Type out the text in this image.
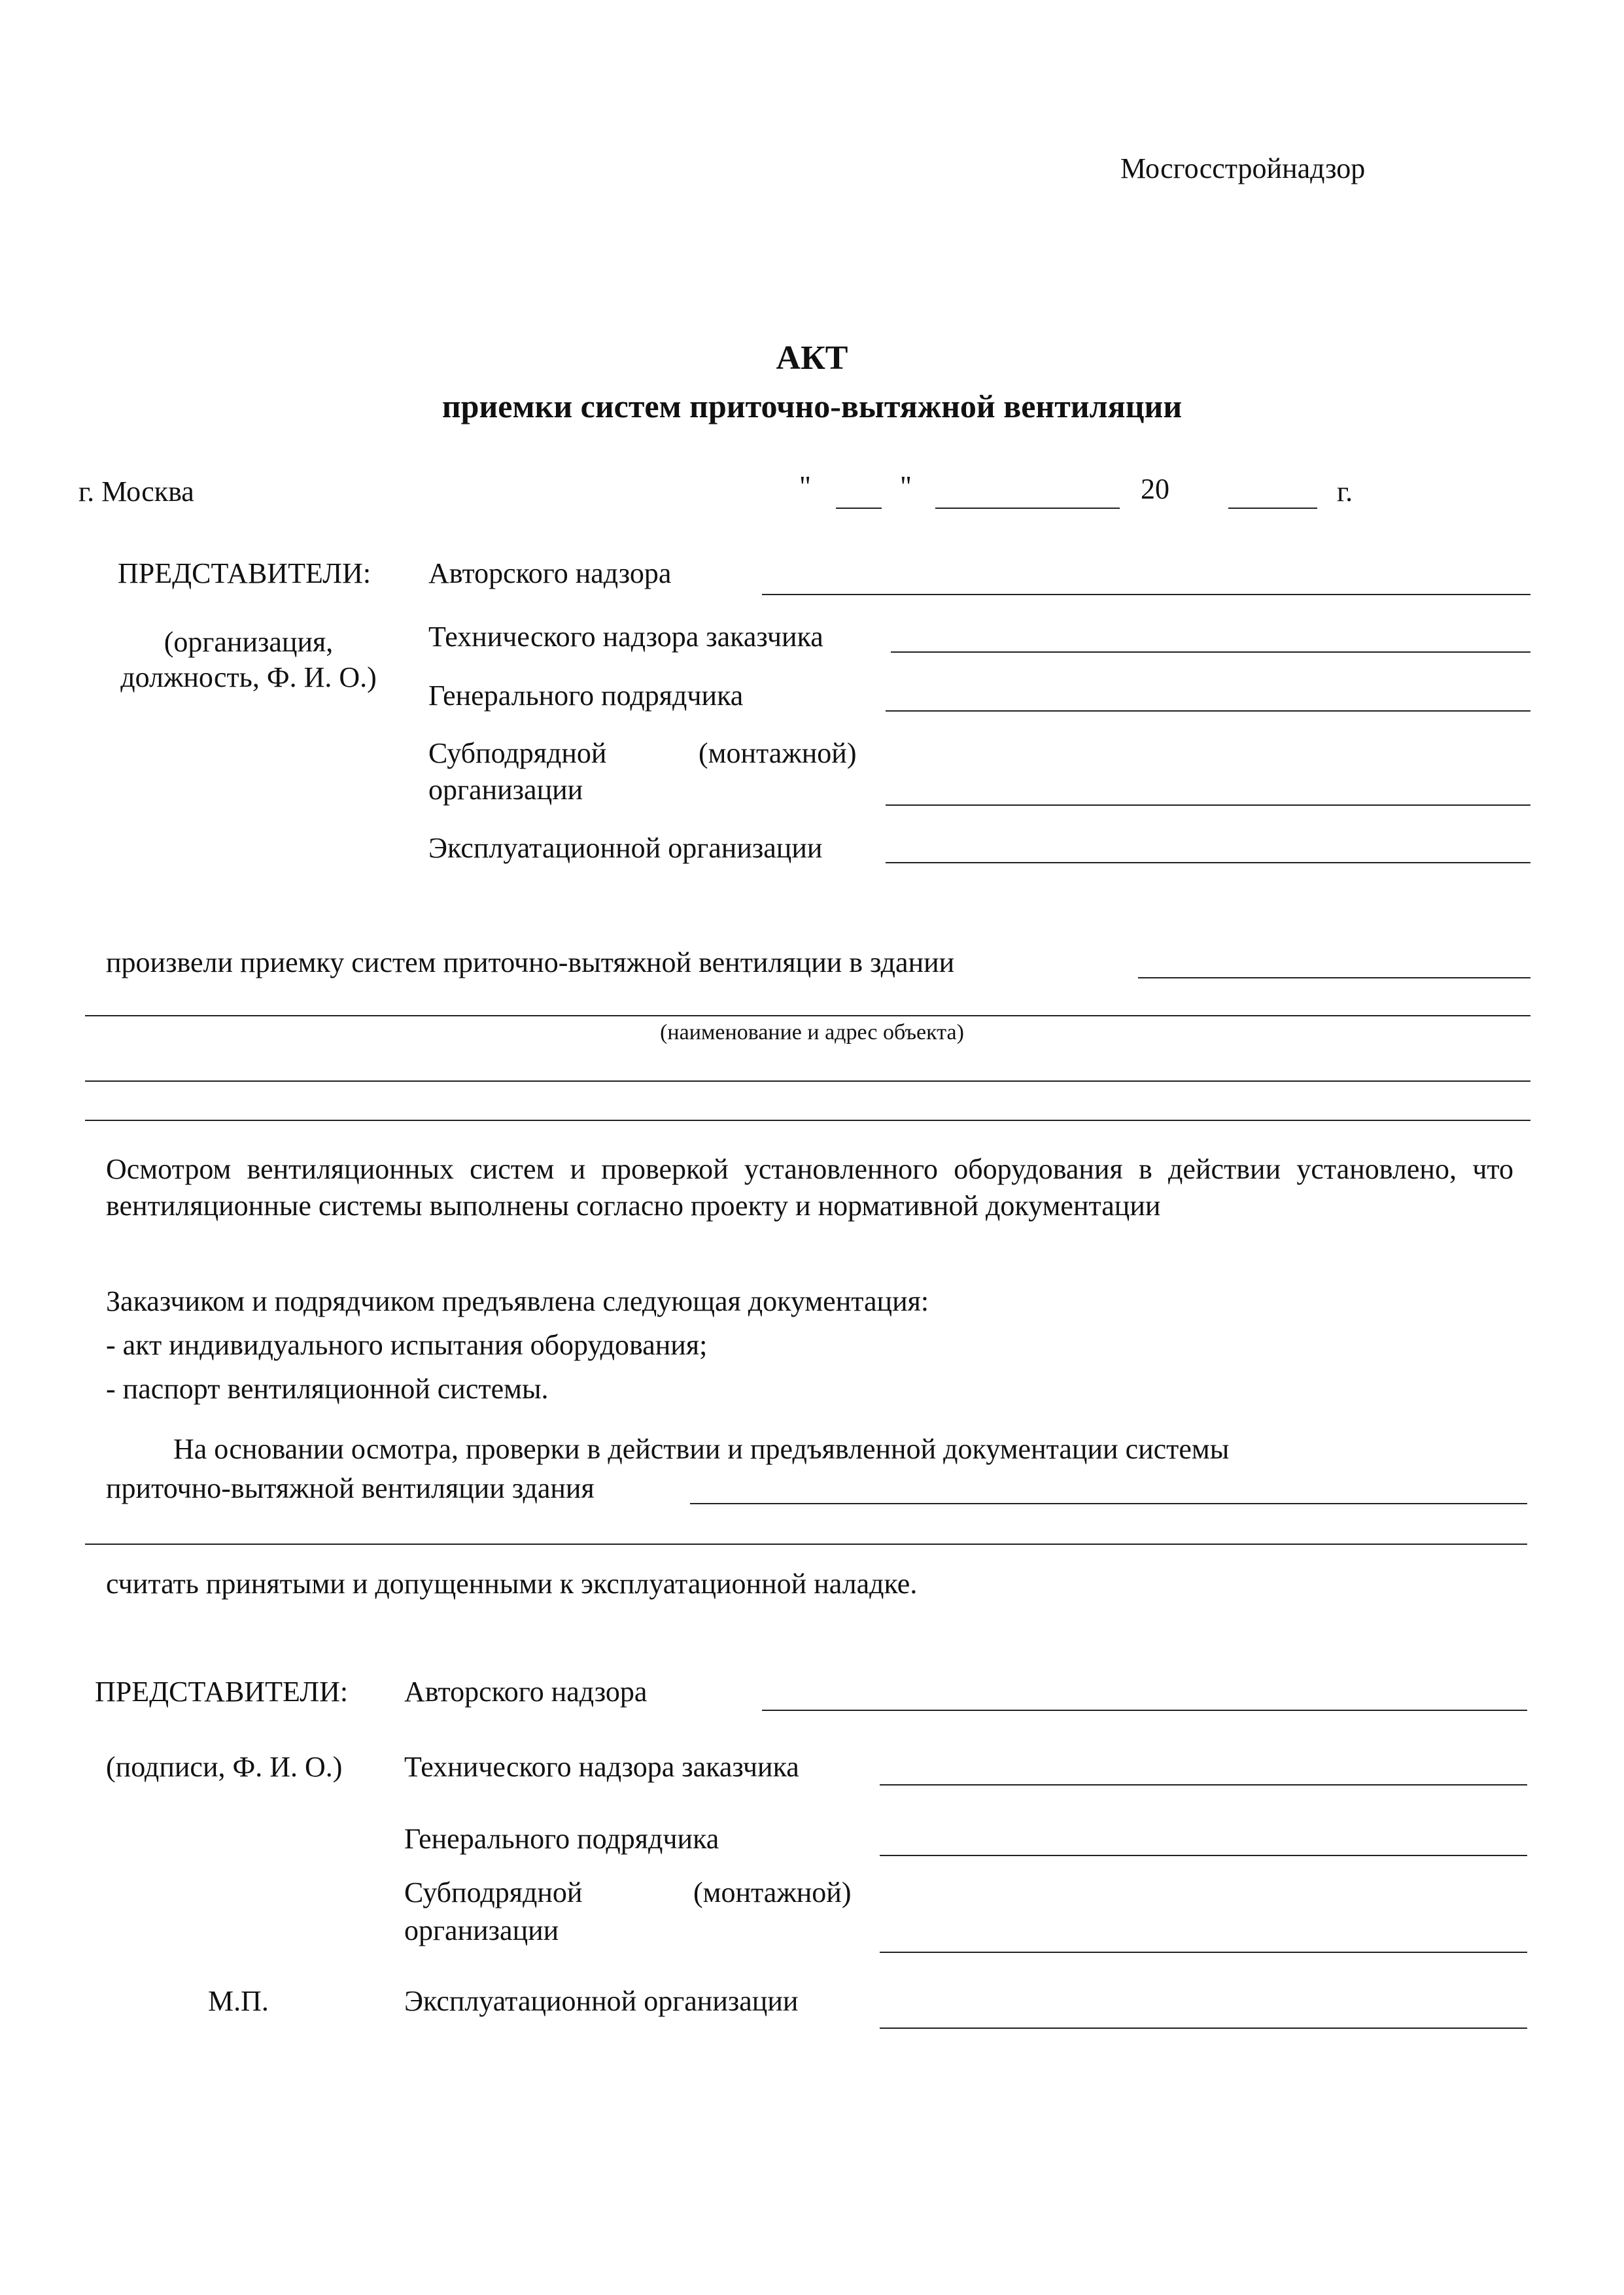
Мосгосстройнадзор
АКТ
приемки систем приточно-вытяжной вентиляции
г. Москва	"	"	20	г.
ПРЕДСТАВИТЕЛИ:
(организация,
должность, Ф. И. О.)
Авторского надзора
Технического надзора заказчика
Генерального подрядчика
Субподрядной	(монтажной)
организации
Эксплуатационной организации
произвели приемку систем приточно-вытяжной вентиляции в здании
(наименование и адрес объекта)
Осмотром вентиляционных систем и проверкой установленного оборудования в действии установлено, что вентиляционные системы выполнены согласно проекту и нормативной документации
Заказчиком и подрядчиком предъявлена следующая документация:
- акт индивидуального испытания оборудования;
- паспорт вентиляционной системы.
На основании осмотра, проверки в действии и предъявленной документации системы
приточно-вытяжной вентиляции здания
считать принятыми и допущенными к эксплуатационной наладке.
ПРЕДСТАВИТЕЛИ:
(подписи, Ф. И. О.)
М.П.
Авторского надзора
Технического надзора заказчика
Генерального подрядчика
Субподрядной	(монтажной)
организации
Эксплуатационной организации
